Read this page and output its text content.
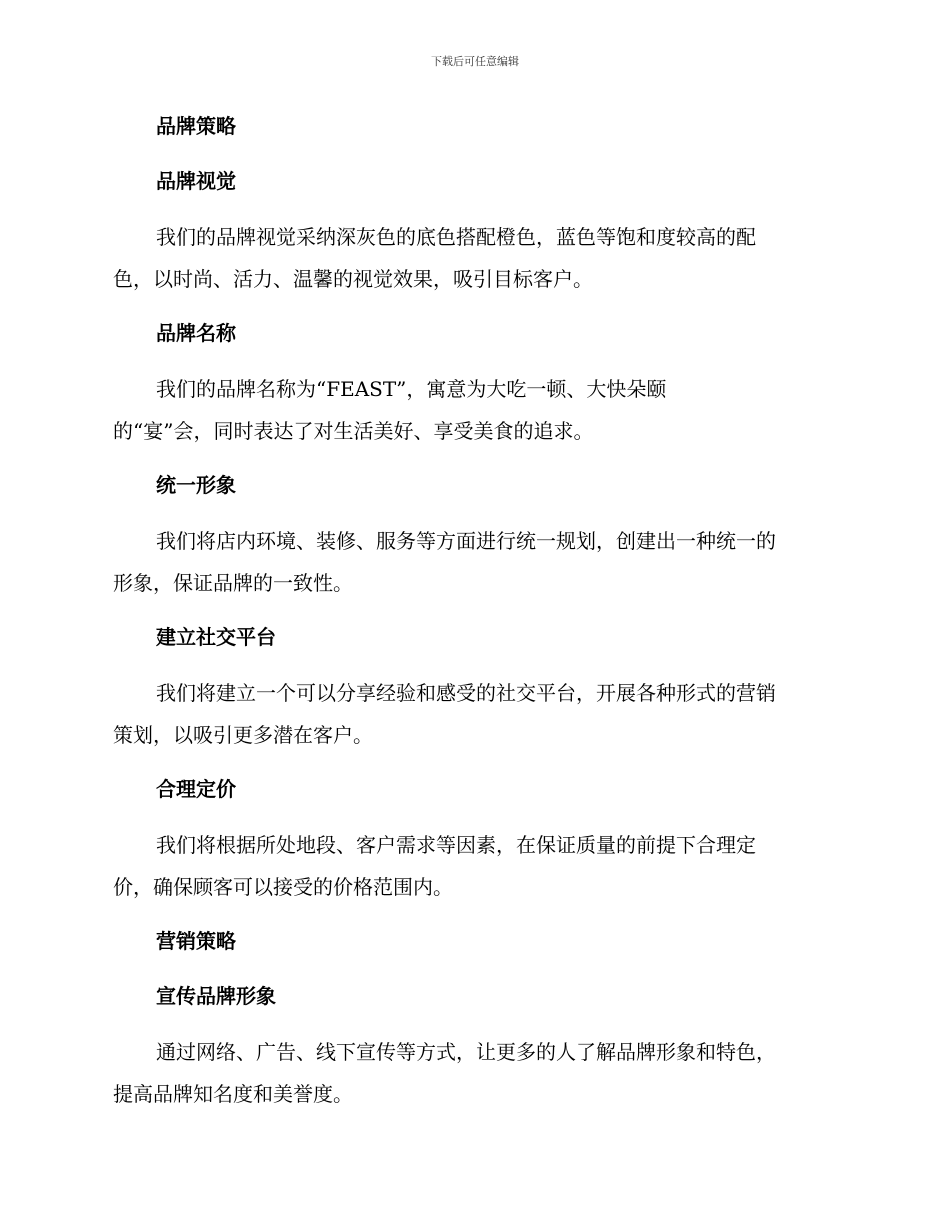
下载后可任意编辑
品牌策略
品牌视觉

我们的品牌视觉采纳深灰色的底色搭配橙色，蓝色等饱和度较高的配
色，以时尚、活力、温馨的视觉效果，吸引目标客户。

品牌名称

我们的品牌名称为“FEAST”，寓意为大吃一顿、大快朵颐
的“宴”会，同时表达了对生活美好、享受美食的追求。

统一形象

我们将店内环境、装修、服务等方面进行统一规划，创建出一种统一的
形象，保证品牌的一致性。

建立社交平台

我们将建立一个可以分享经验和感受的社交平台，开展各种形式的营销
策划，以吸引更多潜在客户。

合理定价

我们将根据所处地段、客户需求等因素，在保证质量的前提下合理定
价，确保顾客可以接受的价格范围内。

营销策略
宣传品牌形象

通过网络、广告、线下宣传等方式，让更多的人了解品牌形象和特色，
提高品牌知名度和美誉度。
